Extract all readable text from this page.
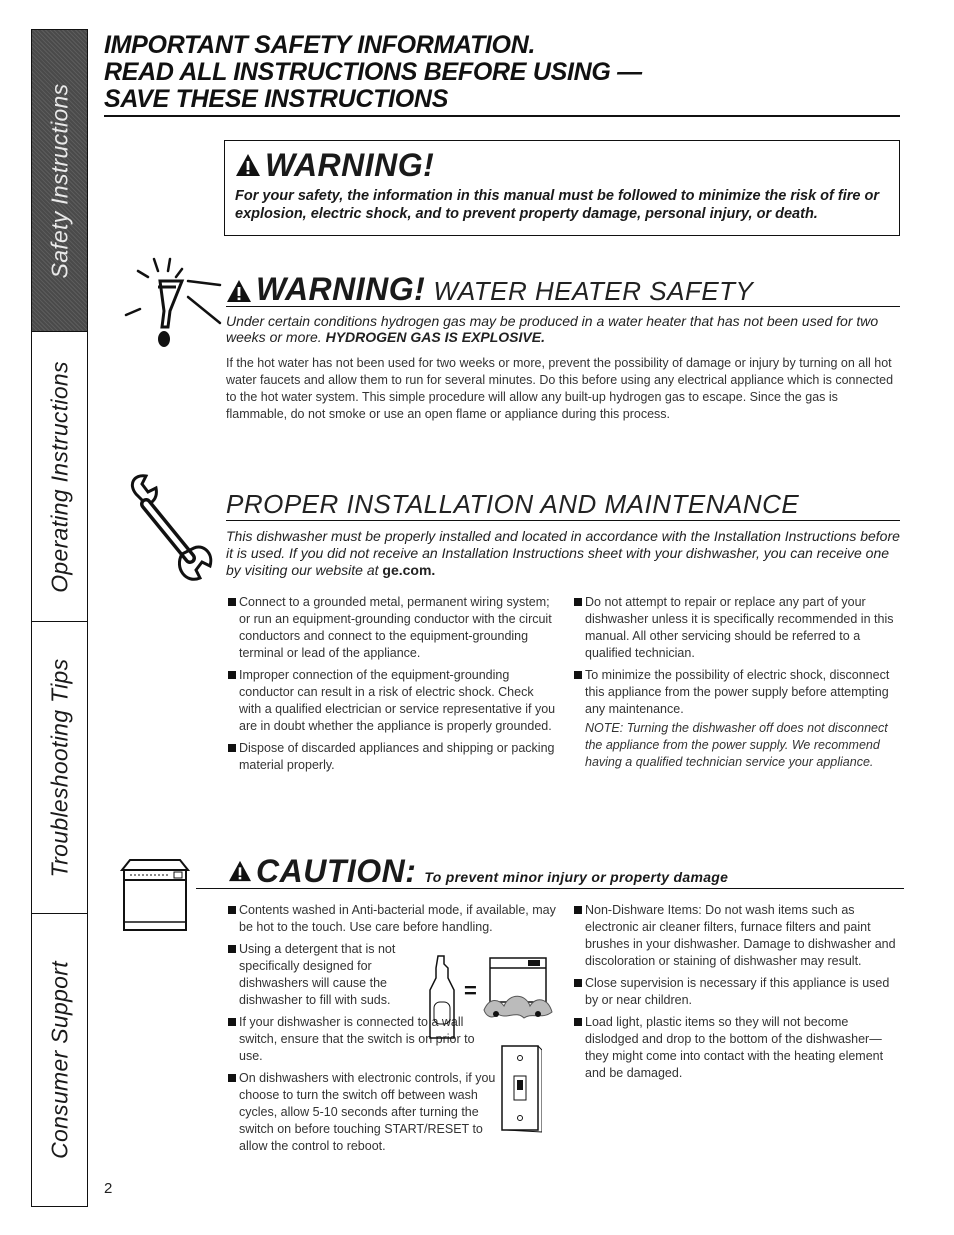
Safety Instructions
Operating Instructions
Troubleshooting Tips
Consumer Support
IMPORTANT SAFETY INFORMATION.
READ ALL INSTRUCTIONS BEFORE USING —
SAVE THESE INSTRUCTIONS
WARNING!
For your safety, the information in this manual must be followed to minimize the risk of fire or explosion, electric shock, and to prevent property damage, personal injury, or death.
WARNING! WATER HEATER SAFETY
Under certain conditions hydrogen gas may be produced in a water heater that has not been used for two weeks or more. HYDROGEN GAS IS EXPLOSIVE.
If the hot water has not been used for two weeks or more, prevent the possibility of damage or injury by turning on all hot water faucets and allow them to run for several minutes. Do this before using any electrical appliance which is connected to the hot water system. This simple procedure will allow any built-up hydrogen gas to escape. Since the gas is flammable, do not smoke or use an open flame or appliance during this process.
PROPER INSTALLATION AND MAINTENANCE
This dishwasher must be properly installed and located in accordance with the Installation Instructions before it is used. If you did not receive an Installation Instructions sheet with your dishwasher, you can receive one by visiting our website at ge.com.

Connect to a grounded metal, permanent wiring system; or run an equipment-grounding conductor with the circuit conductors and connect to the equipment-grounding terminal or lead of the appliance.

Improper connection of the equipment-grounding conductor can result in a risk of electric shock. Check with a qualified electrician or service representative if you are in doubt whether the appliance is properly grounded.

Dispose of discarded appliances and shipping or packing material properly.

Do not attempt to repair or replace any part of your dishwasher unless it is specifically recommended in this manual. All other servicing should be referred to a qualified technician.

To minimize the possibility of electric shock, disconnect this appliance from the power supply before attempting any maintenance.

NOTE: Turning the dishwasher off does not disconnect the appliance from the power supply. We recommend having a qualified technician service your appliance.
CAUTION: To prevent minor injury or property damage

Contents washed in Anti-bacterial mode, if available, may be hot to the touch. Use care before handling.

Using a detergent that is not specifically designed for dishwashers will cause the dishwasher to fill with suds.

If your dishwasher is connected to a wall switch, ensure that the switch is on prior to use.

On dishwashers with electronic controls, if you choose to turn the switch off between wash cycles, allow 5-10 seconds after turning the switch on before touching START/RESET to allow the control to reboot.

=

Non-Dishware Items: Do not wash items such as electronic air cleaner filters, furnace filters and paint brushes in your dishwasher. Damage to dishwasher and discoloration or staining of dishwasher may result.

Close supervision is necessary if this appliance is used by or near children.

Load light, plastic items so they will not become dislodged and drop to the bottom of the dishwasher—they might come into contact with the heating element and be damaged.

2
